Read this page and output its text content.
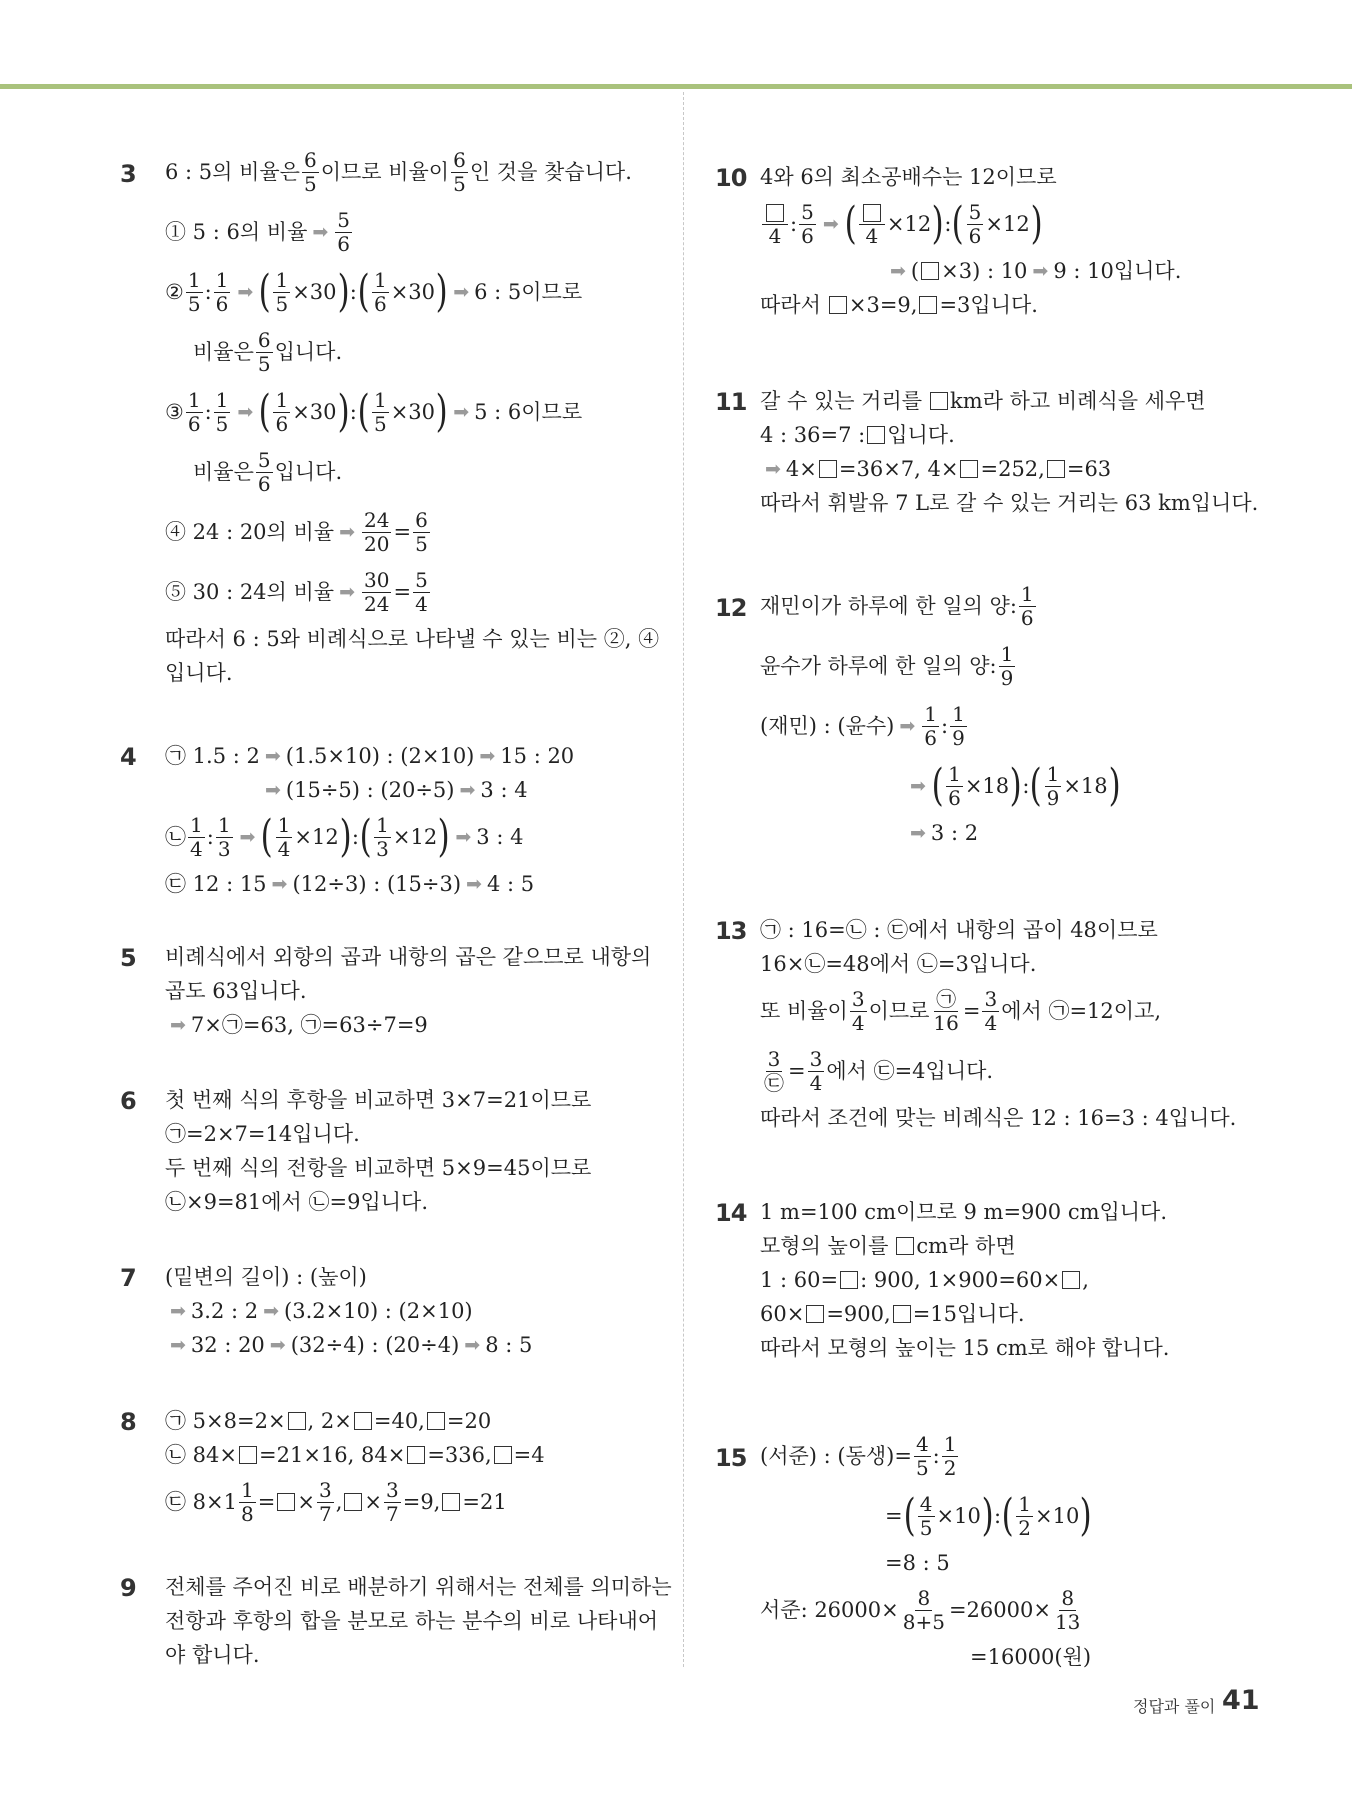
3 6 : 5의 비율은 $\frac{6}{5}$ 이므로 비율이 $\frac{6}{5}$ 인 것을 찾습니다.
① 5 : 6의 비율 ➡ $\frac{5}{6}$
② $\frac{1}{5}$ : $\frac{1}{6}$ ➡ ( $\frac{1}{5} \times 30$ ) : ( $\frac{1}{6} \times 30$ ) ➡ 6 : 5이므로
비율은 $\frac{6}{5}$ 입니다.
③ $\frac{1}{6}$ : $\frac{1}{5}$ ➡ ( $\frac{1}{6} \times 30$ ) : ( $\frac{1}{5} \times 30$ ) ➡ 5 : 6이므로
비율은 $\frac{5}{6}$ 입니다.
④ 24 : 20의 비율 ➡ $\frac{24}{20} = \frac{6}{5}$
⑤ 30 : 24의 비율 ➡ $\frac{30}{24} = \frac{5}{4}$
따라서 6 : 5와 비례식으로 나타낼 수 있는 비는 ②, ④
입니다.
4 ㉠ 1.5 : 2 ➡ (1.5×10) : (2×10) ➡ 15 : 20
➡ (15÷5) : (20÷5) ➡ 3 : 4
㉡ $\frac{1}{4}$ : $\frac{1}{3}$ ➡ ( $\frac{1}{4} \times 12$ ) : ( $\frac{1}{3} \times 12$ ) ➡ 3 : 4
㉢ 12 : 15 ➡ (12÷3) : (15÷3) ➡ 4 : 5
5 비례식에서 외항의 곱과 내항의 곱은 같으므로 내항의
곱도 63입니다.
➡ 7×㉠=63, ㉠=63÷7=9
6 첫 번째 식의 후항을 비교하면 3×7=21이므로
㉠=2×7=14입니다.
두 번째 식의 전항을 비교하면 5×9=45이므로
㉡×9=81에서 ㉡=9입니다.
7 (밑변의 길이) : (높이)
➡ 3.2 : 2 ➡ (3.2×10) : (2×10)
➡ 32 : 20 ➡ (32÷4) : (20÷4) ➡ 8 : 5
8 ㉠ 5×8=2× , 2× =40, =20
㉡ 84× =21×16, 84× =336, =4
㉢ $8\times 1 \frac{1}{8}$ = × $\frac{3}{7}$ , × $\frac{3}{7} =9$, =21
9 전체를 주어진 비로 배분하기 위해서는 전체를 의미하는
전항과 후항의 합을 분모로 하는 분수의 비로 나타내어
야 합니다.
10 4와 6의 최소공배수는 12이므로
4 : $\frac{5}{6}$ ➡ ( 4 ×12 ) : ( $\frac{5}{6} \times 12$ )
➡ ( ×3) : 10 ➡ 9 : 10입니다.
따라서 ×3=9, =3입니다.
11 갈 수 있는 거리를 km라 하고 비례식을 세우면
4 : 36=7 : 입니다.
➡ 4× =36×7, 4× =252, =63
따라서 휘발유 7 L로 갈 수 있는 거리는 63 km입니다.
12 재민이가 하루에 한 일의 양: $\frac{1}{6}$
윤수가 하루에 한 일의 양: $\frac{1}{9}$
(재민) : (윤수) ➡ $\frac{1}{6}$ : $\frac{1}{9}$
➡ ( $\frac{1}{6} \times 18$ ) : ( $\frac{1}{9} \times 18$ )
➡ 3 : 2
13 ㉠ : 16=㉡ : ㉢에서 내항의 곱이 48이므로
16×㉡=48에서 ㉡=3입니다.
또 비율이 $\frac{3}{4}$ 이므로 $\frac{㉠}{16} = \frac{3}{4}$ 에서 ㉠=12이고,
$\frac{3}{㉢} = \frac{3}{4}$ 에서 ㉢=4입니다.
따라서 조건에 맞는 비례식은 12 : 16=3 : 4입니다.
14 1 m=100 cm이므로 9 m=900 cm입니다.
모형의 높이를 cm라 하면
1 : 60= : 900, 1×900=60× ,
60× =900, =15입니다.
따라서 모형의 높이는 15 cm로 해야 합니다.
15 (서준) : (동생)= $\frac{4}{5}$ : $\frac{1}{2}$
= ( $\frac{4}{5} \times 10$ ) : ( $\frac{1}{2} \times 10$ )
=8 : 5
서준: $26000\times \frac{8}{8+5} =26000\times \frac{8}{13}$
=16000(원)
정답과 풀이 41
